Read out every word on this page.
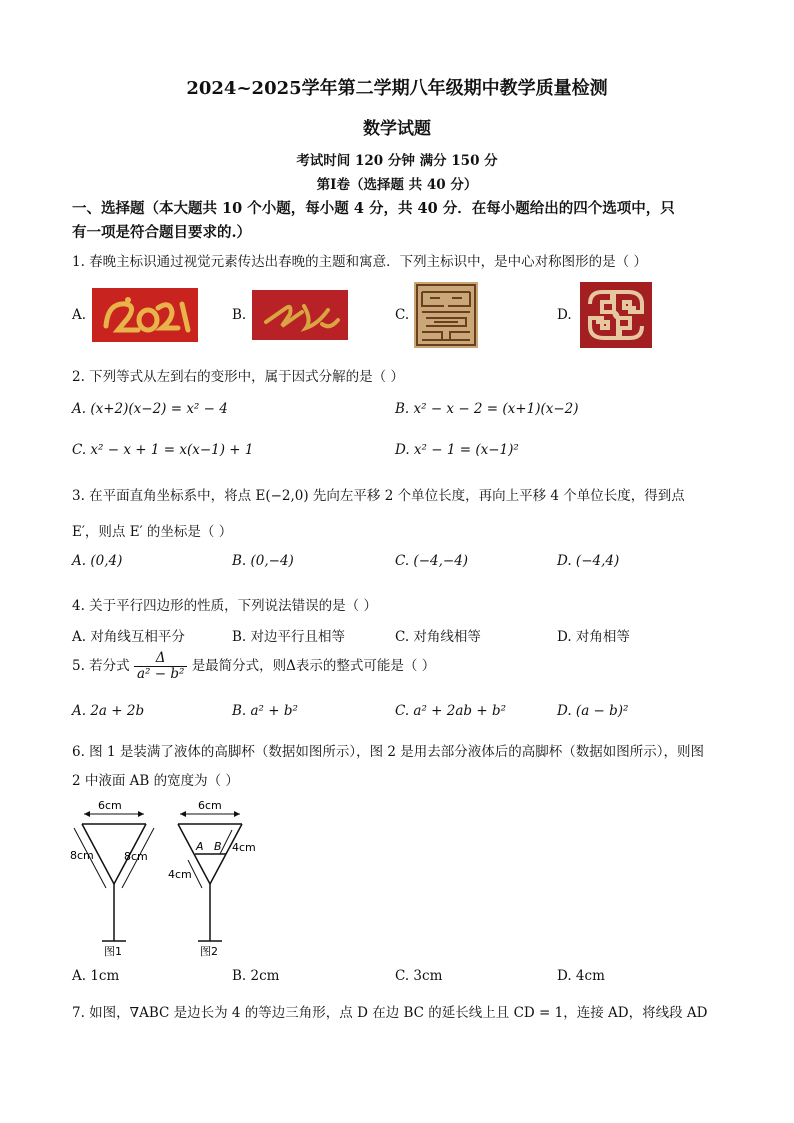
2024~2025学年第二学期八年级期中教学质量检测
数学试题
考试时间 120 分钟 满分 150 分
第Ⅰ卷（选择题 共 40 分）
一、选择题（本大题共 10 个小题，每小题 4 分，共 40 分．在每小题给出的四个选项中，只
有一项是符合题目要求的.）
1. 春晚主标识通过视觉元素传达出春晚的主题和寓意．下列主标识中，是中心对称图形的是（ ）
A.	B.	C.	D.
2. 下列等式从左到右的变形中，属于因式分解的是（ ）
A. (x+2)(x−2) = x² − 4	B. x² − x − 2 = (x+1)(x−2)
C. x² − x + 1 = x(x−1) + 1	D. x² − 1 = (x−1)²
3. 在平面直角坐标系中，将点 E(−2,0) 先向左平移 2 个单位长度，再向上平移 4 个单位长度，得到点
E′，则点 E′ 的坐标是（ ）
A. (0,4)	B. (0,−4)	C. (−4,−4)	D. (−4,4)
4. 关于平行四边形的性质，下列说法错误的是（ ）
A. 对角线互相平分	B. 对边平行且相等	C. 对角线相等	D. 对角相等
5. 若分式 $\frac{\Delta}{\text{a² − b²}}$ 是最简分式，则Δ表示的整式可能是（ ）
A. 2a + 2b	B. a² + b²	C. a² + 2ab + b²	D. (a − b)²
6. 图 1 是装满了液体的高脚杯（数据如图所示），图 2 是用去部分液体后的高脚杯（数据如图所示），则图
2 中液面 AB 的宽度为（ ）
6cm
8cm	8cm
图1
6cm
A B 4cm
4cm
图2
A. 1cm	B. 2cm	C. 3cm	D. 4cm
7. 如图，∇ABC 是边长为 4 的等边三角形，点 D 在边 BC 的延长线上且 CD = 1，连接 AD，将线段 AD
